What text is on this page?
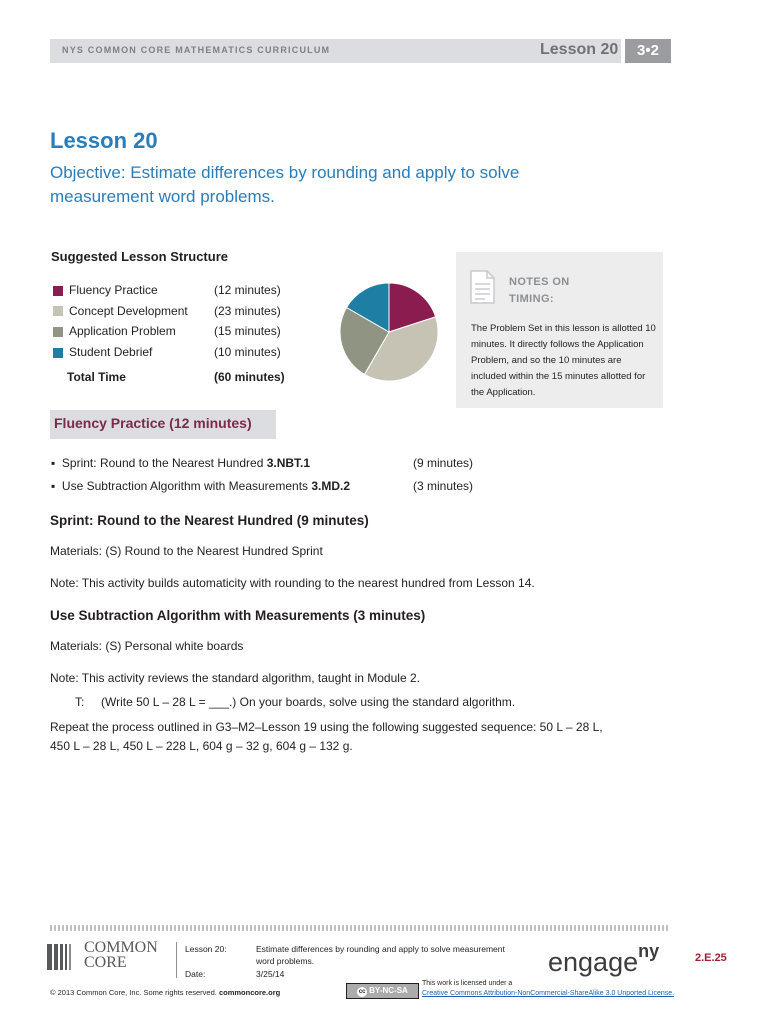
NYS COMMON CORE MATHEMATICS CURRICULUM	Lesson 20	3•2
Lesson 20
Objective: Estimate differences by rounding and apply to solve
measurement word problems.
Suggested Lesson Structure
Fluency Practice	(12 minutes)
Concept Development (23 minutes)
Application Problem	(15 minutes)
Student Debrief	(10 minutes)
Total Time	(60 minutes)
NOTES ON
TIMING:
The Problem Set in this lesson is allotted 10 minutes. It directly follows the Application Problem, and so the 10 minutes are included within the 15 minutes allotted for the Application.
Fluency Practice (12 minutes)
▪  Sprint: Round to the Nearest Hundred 3.NBT.1	(9 minutes)
▪  Use Subtraction Algorithm with Measurements 3.MD.2	(3 minutes)
Sprint: Round to the Nearest Hundred (9 minutes)
Materials: (S) Round to the Nearest Hundred Sprint
Note: This activity builds automaticity with rounding to the nearest hundred from Lesson 14.
Use Subtraction Algorithm with Measurements (3 minutes)
Materials: (S) Personal white boards
Note: This activity reviews the standard algorithm, taught in Module 2.
T: (Write 50 L – 28 L = ___.) On your boards, solve using the standard algorithm.
Repeat the process outlined in G3–M2–Lesson 19 using the following suggested sequence: 50 L – 28 L,
450 L – 28 L, 450 L – 228 L, 604 g – 32 g, 604 g – 132 g.
COMMON
CORE
Lesson 20:
Date:
Estimate differences by rounding and apply to solve measurement
word problems.
3/25/14
© 2013 Common Core, Inc. Some rights reserved. commoncore.org
engage$^{ny}$	2.E.25
cc BY-NC-SA
This work is licensed under a
Creative Commons Attribution-NonCommercial-ShareAlike 3.0 Unported License.
